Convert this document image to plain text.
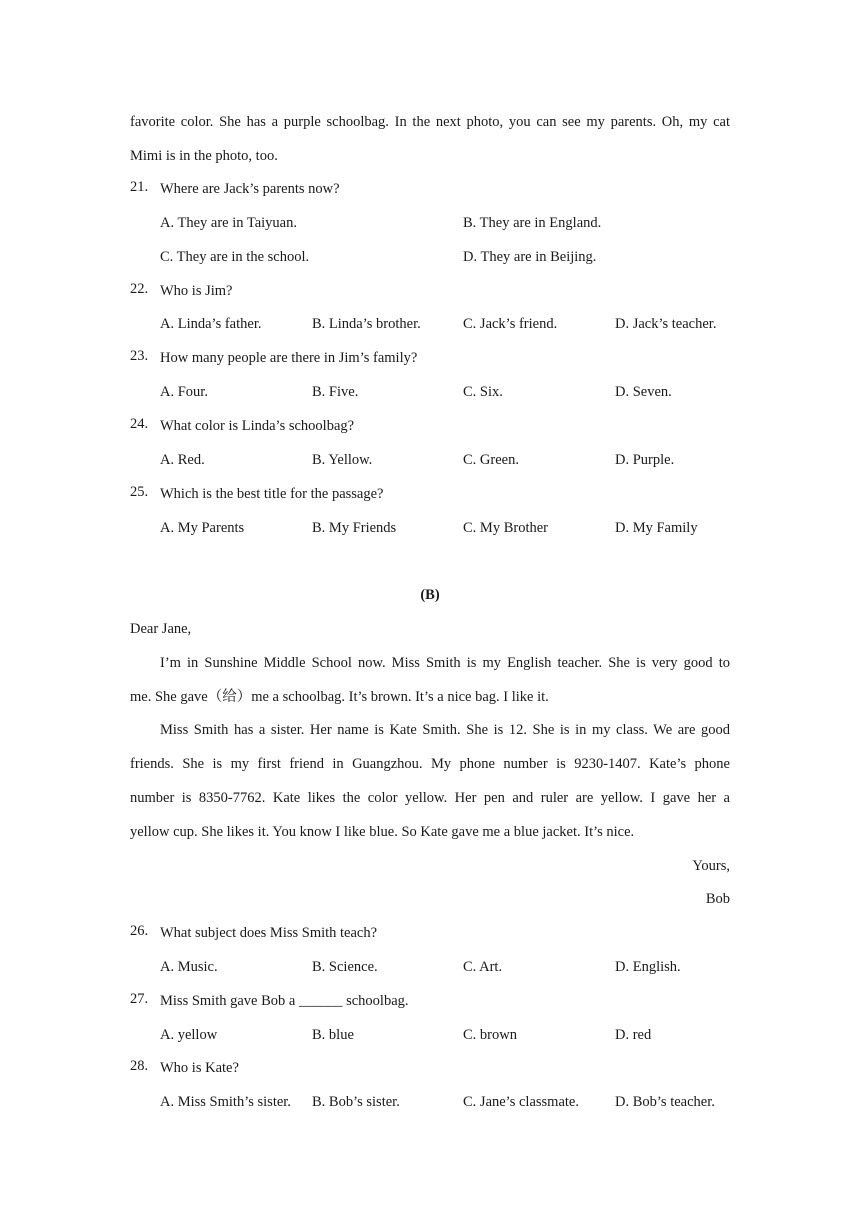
favorite color. She has a purple schoolbag. In the next photo, you can see my parents. Oh, my cat
Mimi is in the photo, too.
21. Where are Jack’s parents now?
A. They are in Taiyuan.	B. They are in England.
C. They are in the school.	D. They are in Beijing.
22. Who is Jim?
A. Linda’s father.	B. Linda’s brother.	C. Jack’s friend.	D. Jack’s teacher.
23. How many people are there in Jim’s family?
A. Four.	B. Five.	C. Six.	D. Seven.
24. What color is Linda’s schoolbag?
A. Red.	B. Yellow.	C. Green.	D. Purple.
25. Which is the best title for the passage?
A. My Parents	B. My Friends	C. My Brother	D. My Family
(B)
Dear Jane,
I’m in Sunshine Middle School now. Miss Smith is my English teacher. She is very good to
me. She gave（给）me a schoolbag. It’s brown. It’s a nice bag. I like it.
Miss Smith has a sister. Her name is Kate Smith. She is 12. She is in my class. We are good
friends. She is my first friend in Guangzhou. My phone number is 9230-1407. Kate’s phone
number is 8350-7762. Kate likes the color yellow. Her pen and ruler are yellow. I gave her a
yellow cup. She likes it. You know I like blue. So Kate gave me a blue jacket. It’s nice.
Yours,
Bob
26. What subject does Miss Smith teach?
A. Music.	B. Science.	C. Art.	D. English.
27. Miss Smith gave Bob a ______ schoolbag.
A. yellow	B. blue	C. brown	D. red
28. Who is Kate?
A. Miss Smith’s sister. B. Bob’s sister.	C. Jane’s classmate. D. Bob’s teacher.
